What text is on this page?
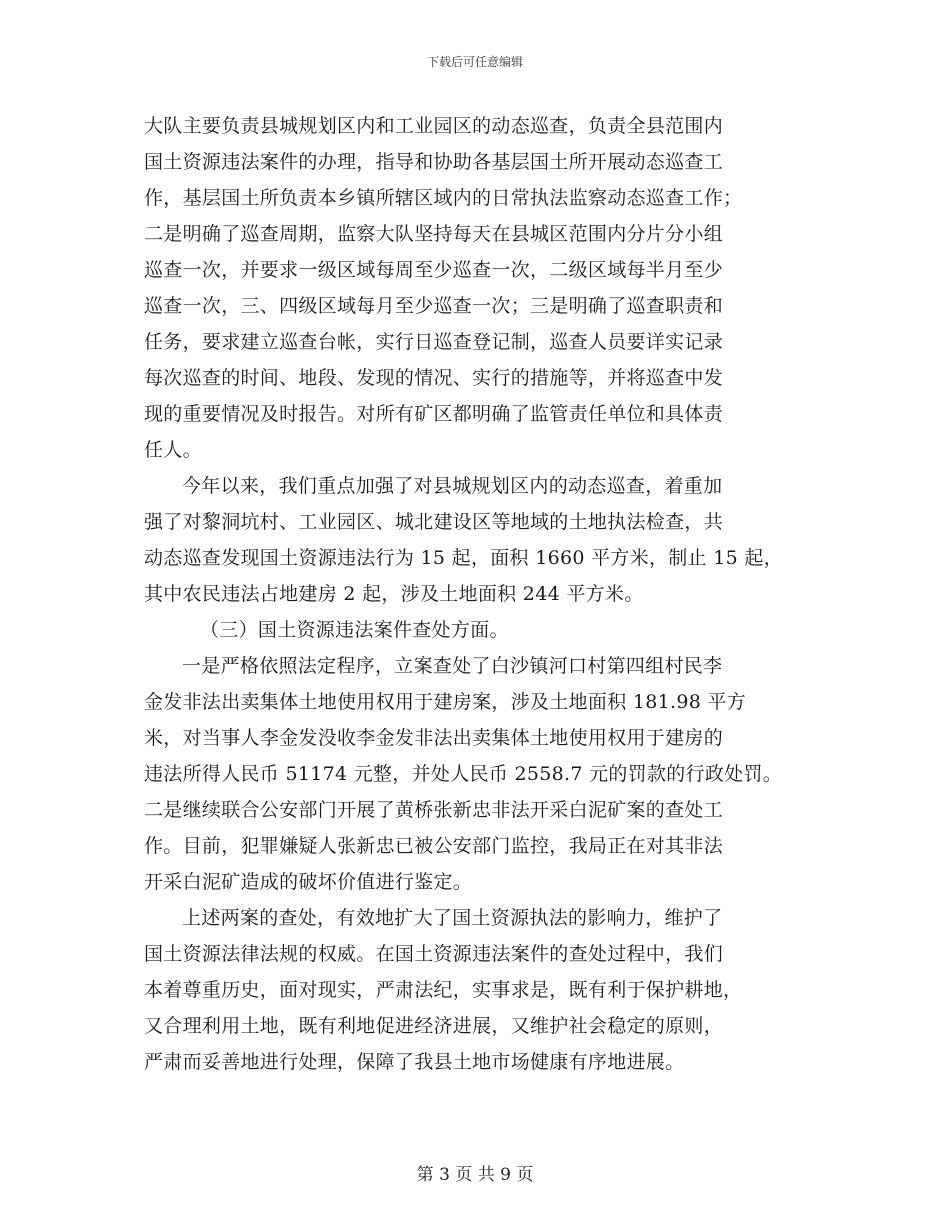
下载后可任意编辑
大队主要负责县城规划区内和工业园区的动态巡查，负责全县范围内
国土资源违法案件的办理，指导和协助各基层国土所开展动态巡查工
作，基层国土所负责本乡镇所辖区域内的日常执法监察动态巡查工作；
二是明确了巡查周期，监察大队坚持每天在县城区范围内分片分小组
巡查一次，并要求一级区域每周至少巡查一次，二级区域每半月至少
巡查一次，三、四级区域每月至少巡查一次；三是明确了巡查职责和
任务，要求建立巡查台帐，实行日巡查登记制，巡查人员要详实记录
每次巡查的时间、地段、发现的情况、实行的措施等，并将巡查中发
现的重要情况及时报告。对所有矿区都明确了监管责任单位和具体责
任人。
今年以来，我们重点加强了对县城规划区内的动态巡查，着重加
强了对黎洞坑村、工业园区、城北建设区等地域的土地执法检查，共
动态巡查发现国土资源违法行为 15 起，面积 1660 平方米，制止 15 起，
其中农民违法占地建房 2 起，涉及土地面积 244 平方米。
（三）国土资源违法案件查处方面。
一是严格依照法定程序，立案查处了白沙镇河口村第四组村民李
金发非法出卖集体土地使用权用于建房案，涉及土地面积 181.98 平方
米，对当事人李金发没收李金发非法出卖集体土地使用权用于建房的
违法所得人民币 51174 元整，并处人民币 2558.7 元的罚款的行政处罚。
二是继续联合公安部门开展了黄桥张新忠非法开采白泥矿案的查处工
作。目前，犯罪嫌疑人张新忠已被公安部门监控，我局正在对其非法
开采白泥矿造成的破坏价值进行鉴定。
上述两案的查处，有效地扩大了国土资源执法的影响力，维护了
国土资源法律法规的权威。在国土资源违法案件的查处过程中，我们
本着尊重历史，面对现实，严肃法纪，实事求是，既有利于保护耕地，
又合理利用土地，既有利地促进经济进展，又维护社会稳定的原则，
严肃而妥善地进行处理，保障了我县土地市场健康有序地进展。
第 3 页 共 9 页
